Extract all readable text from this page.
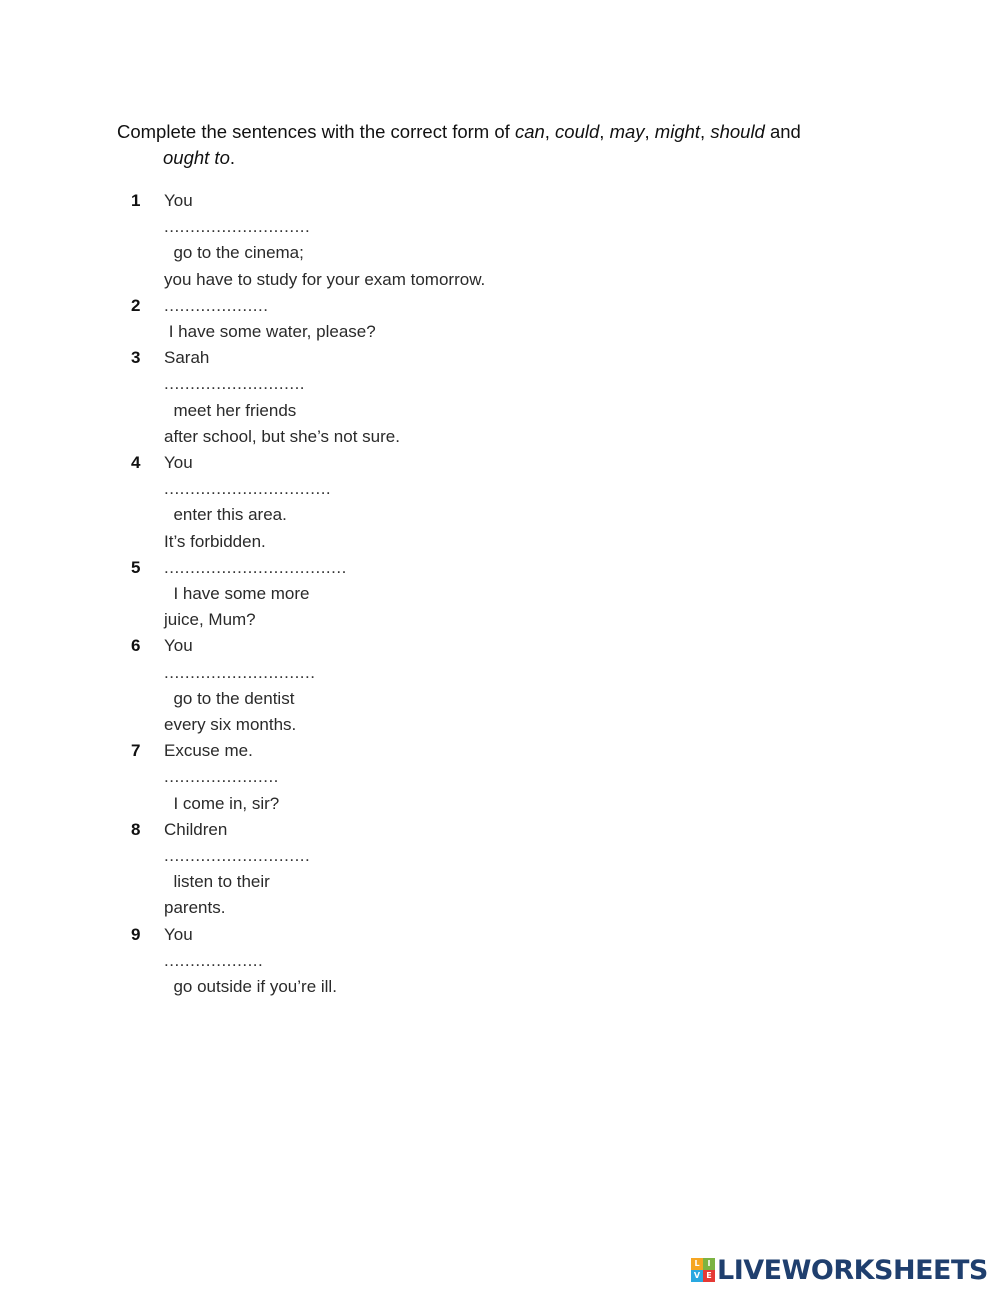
Complete the sentences with the correct form of can, could, may, might, should and
ought to.
1	You
............................
go to the cinema;
you have to study for your exam tomorrow.
2	....................
I have some water, please?
3	Sarah
...........................
meet her friends
after school, but she’s not sure.
4	You
................................
enter this area.
It’s forbidden.
5	...................................
I have some more
juice, Mum?
6	You
.............................
go to the dentist
every six months.
7	Excuse me.
......................
I come in, sir?
8	Children
............................
listen to their
parents.
9	You
...................
go outside if you’re ill.
L I
V E LIVEWORKSHEETS
